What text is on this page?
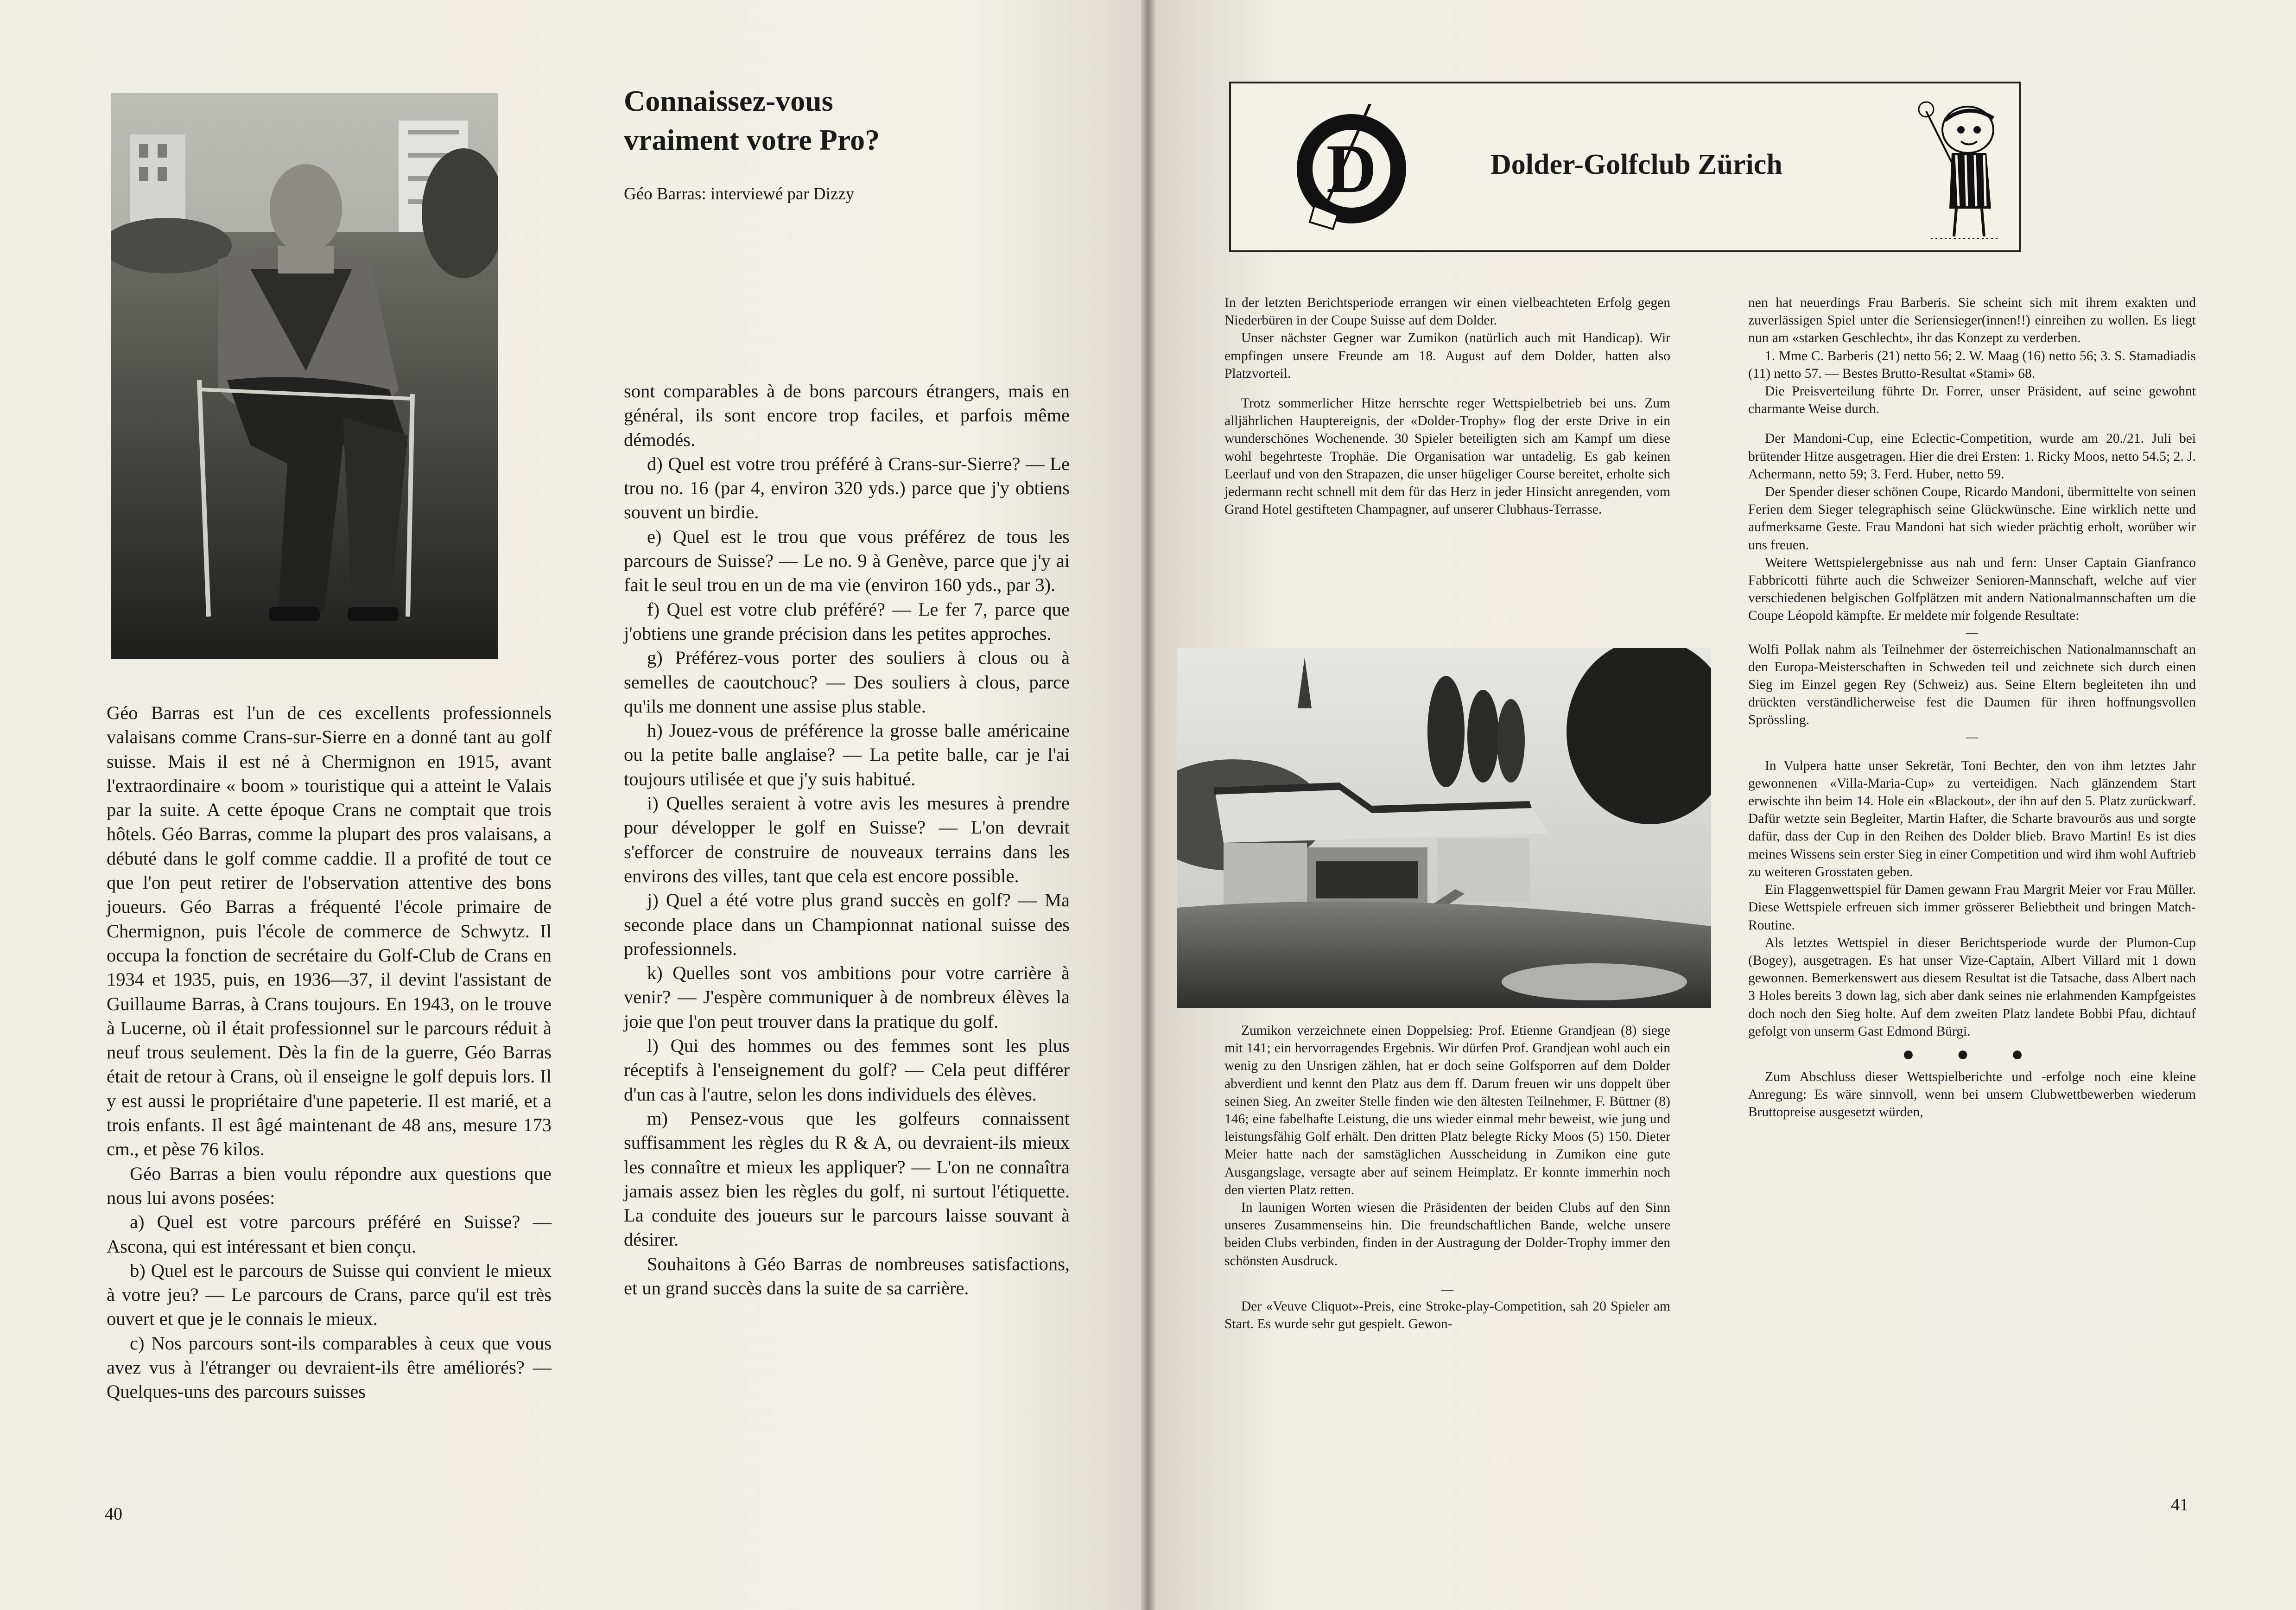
Connaissez-vous
vraiment votre Pro?
Géo Barras: interviewé par Dizzy

Géo Barras est l'un de ces excellents professionnels valaisans comme Crans-sur-Sierre en a donné tant au golf suisse. Mais il est né à Chermignon en 1915, avant l'extraordinaire « boom » touristique qui a atteint le Valais par la suite. A cette époque Crans ne comptait que trois hôtels. Géo Barras, comme la plupart des pros valaisans, a débuté dans le golf comme caddie. Il a profité de tout ce que l'on peut retirer de l'observation attentive des bons joueurs. Géo Barras a fréquenté l'école primaire de Chermignon, puis l'école de commerce de Schwytz. Il occupa la fonction de secrétaire du Golf-Club de Crans en 1934 et 1935, puis, en 1936—37, il devint l'assistant de Guillaume Barras, à Crans toujours. En 1943, on le trouve à Lucerne, où il était professionnel sur le parcours réduit à neuf trous seulement. Dès la fin de la guerre, Géo Barras était de retour à Crans, où il enseigne le golf depuis lors. Il y est aussi le propriétaire d'une papeterie. Il est marié, et a trois enfants. Il est âgé maintenant de 48 ans, mesure 173 cm., et pèse 76 kilos.

Géo Barras a bien voulu répondre aux questions que nous lui avons posées:

a) Quel est votre parcours préféré en Suisse? — Ascona, qui est intéressant et bien conçu.

b) Quel est le parcours de Suisse qui convient le mieux à votre jeu? — Le parcours de Crans, parce qu'il est très ouvert et que je le connais le mieux.

c) Nos parcours sont-ils comparables à ceux que vous avez vus à l'étranger ou devraient-ils être améliorés? — Quelques-uns des parcours suisses

sont comparables à de bons parcours étrangers, mais en général, ils sont encore trop faciles, et parfois même démodés.

d) Quel est votre trou préféré à Crans-sur-Sierre? — Le trou no. 16 (par 4, environ 320 yds.) parce que j'y obtiens souvent un birdie.

e) Quel est le trou que vous préférez de tous les parcours de Suisse? — Le no. 9 à Genève, parce que j'y ai fait le seul trou en un de ma vie (environ 160 yds., par 3).

f) Quel est votre club préféré? — Le fer 7, parce que j'obtiens une grande précision dans les petites approches.

g) Préférez-vous porter des souliers à clous ou à semelles de caoutchouc? — Des souliers à clous, parce qu'ils me donnent une assise plus stable.

h) Jouez-vous de préférence la grosse balle américaine ou la petite balle anglaise? — La petite balle, car je l'ai toujours utilisée et que j'y suis habitué.

i) Quelles seraient à votre avis les mesures à prendre pour développer le golf en Suisse? — L'on devrait s'efforcer de construire de nouveaux terrains dans les environs des villes, tant que cela est encore possible.

j) Quel a été votre plus grand succès en golf? — Ma seconde place dans un Championnat national suisse des professionnels.

k) Quelles sont vos ambitions pour votre carrière à venir? — J'espère communiquer à de nombreux élèves la joie que l'on peut trouver dans la pratique du golf.

l) Qui des hommes ou des femmes sont les plus réceptifs à l'enseignement du golf? — Cela peut différer d'un cas à l'autre, selon les dons individuels des élèves.

m) Pensez-vous que les golfeurs connaissent suffisamment les règles du R & A, ou devraient-ils mieux les connaître et mieux les appliquer? — L'on ne connaîtra jamais assez bien les règles du golf, ni surtout l'étiquette. La conduite des joueurs sur le parcours laisse souvant à désirer.

Souhaitons à Géo Barras de nombreuses satisfactions, et un grand succès dans la suite de sa carrière.

40
D	Dolder-Golfclub Zürich

In der letzten Berichtsperiode errangen wir einen vielbeachteten Erfolg gegen Niederbüren in der Coupe Suisse auf dem Dolder.

Unser nächster Gegner war Zumikon (natürlich auch mit Handicap). Wir empfingen unsere Freunde am 18. August auf dem Dolder, hatten also Platzvorteil.

Trotz sommerlicher Hitze herrschte reger Wettspielbetrieb bei uns. Zum alljährlichen Hauptereignis, der «Dolder-Trophy» flog der erste Drive in ein wunderschönes Wochenende. 30 Spieler beteiligten sich am Kampf um diese wohl begehrteste Trophäe. Die Organisation war untadelig. Es gab keinen Leerlauf und von den Strapazen, die unser hügeliger Course bereitet, erholte sich jedermann recht schnell mit dem für das Herz in jeder Hinsicht anregenden, vom Grand Hotel gestifteten Champagner, auf unserer Clubhaus-Terrasse.

Zumikon verzeichnete einen Doppelsieg: Prof. Etienne Grandjean (8) siege mit 141; ein hervorragendes Ergebnis. Wir dürfen Prof. Grandjean wohl auch ein wenig zu den Unsrigen zählen, hat er doch seine Golfsporren auf dem Dolder abverdient und kennt den Platz aus dem ff. Darum freuen wir uns doppelt über seinen Sieg. An zweiter Stelle finden wie den ältesten Teilnehmer, F. Büttner (8) 146; eine fabelhafte Leistung, die uns wieder einmal mehr beweist, wie jung und leistungsfähig Golf erhält. Den dritten Platz belegte Ricky Moos (5) 150. Dieter Meier hatte nach der samstäglichen Ausscheidung in Zumikon eine gute Ausgangslage, versagte aber auf seinem Heimplatz. Er konnte immerhin noch den vierten Platz retten.

In launigen Worten wiesen die Präsidenten der beiden Clubs auf den Sinn unseres Zusammenseins hin. Die freundschaftlichen Bande, welche unsere beiden Clubs verbinden, finden in der Austragung der Dolder-Trophy immer den schönsten Ausdruck.

—

Der «Veuve Cliquot»-Preis, eine Stroke-play-Competition, sah 20 Spieler am Start. Es wurde sehr gut gespielt. Gewon-

nen hat neuerdings Frau Barberis. Sie scheint sich mit ihrem exakten und zuverlässigen Spiel unter die Seriensieger(innen!!) einreihen zu wollen. Es liegt nun am «starken Geschlecht», ihr das Konzept zu verderben.

1. Mme C. Barberis (21) netto 56; 2. W. Maag (16) netto 56; 3. S. Stamadiadis (11) netto 57. — Bestes Brutto-Resultat «Stami» 68.

Die Preisverteilung führte Dr. Forrer, unser Präsident, auf seine gewohnt charmante Weise durch.

Der Mandoni-Cup, eine Eclectic-Competition, wurde am 20./21. Juli bei brütender Hitze ausgetragen. Hier die drei Ersten: 1. Ricky Moos, netto 54.5; 2. J. Achermann, netto 59; 3. Ferd. Huber, netto 59.

Der Spender dieser schönen Coupe, Ricardo Mandoni, übermittelte von seinen Ferien dem Sieger telegraphisch seine Glückwünsche. Eine wirklich nette und aufmerksame Geste. Frau Mandoni hat sich wieder prächtig erholt, worüber wir uns freuen.

Weitere Wettspielergebnisse aus nah und fern: Unser Captain Gianfranco Fabbricotti führte auch die Schweizer Senioren-Mannschaft, welche auf vier verschiedenen belgischen Golfplätzen mit andern Nationalmannschaften um die Coupe Léopold kämpfte. Er meldete mir folgende Resultate:

—

Wolfi Pollak nahm als Teilnehmer der österreichischen Nationalmannschaft an den Europa-Meisterschaften in Schweden teil und zeichnete sich durch einen Sieg im Einzel gegen Rey (Schweiz) aus. Seine Eltern begleiteten ihn und drückten verständlicherweise fest die Daumen für ihren hoffnungsvollen Sprössling.

—

In Vulpera hatte unser Sekretär, Toni Bechter, den von ihm letztes Jahr gewonnenen «Villa-Maria-Cup» zu verteidigen. Nach glänzendem Start erwischte ihn beim 14. Hole ein «Blackout», der ihn auf den 5. Platz zurückwarf. Dafür wetzte sein Begleiter, Martin Hafter, die Scharte bravourös aus und sorgte dafür, dass der Cup in den Reihen des Dolder blieb. Bravo Martin! Es ist dies meines Wissens sein erster Sieg in einer Competition und wird ihm wohl Auftrieb zu weiteren Grosstaten geben.

Ein Flaggenwettspiel für Damen gewann Frau Margrit Meier vor Frau Müller. Diese Wettspiele erfreuen sich immer grösserer Beliebtheit und bringen Match-Routine.

Als letztes Wettspiel in dieser Berichtsperiode wurde der Plumon-Cup (Bogey), ausgetragen. Es hat unser Vize-Captain, Albert Villard mit 1 down gewonnen. Bemerkenswert aus diesem Resultat ist die Tatsache, dass Albert nach 3 Holes bereits 3 down lag, sich aber dank seines nie erlahmenden Kampfgeistes doch noch den Sieg holte. Auf dem zweiten Platz landete Bobbi Pfau, dichtauf gefolgt von unserm Gast Edmond Bürgi.

● ● ●

Zum Abschluss dieser Wettspielberichte und -erfolge noch eine kleine Anregung: Es wäre sinnvoll, wenn bei unsern Clubwettbewerben wiederum Bruttopreise ausgesetzt würden,

41
